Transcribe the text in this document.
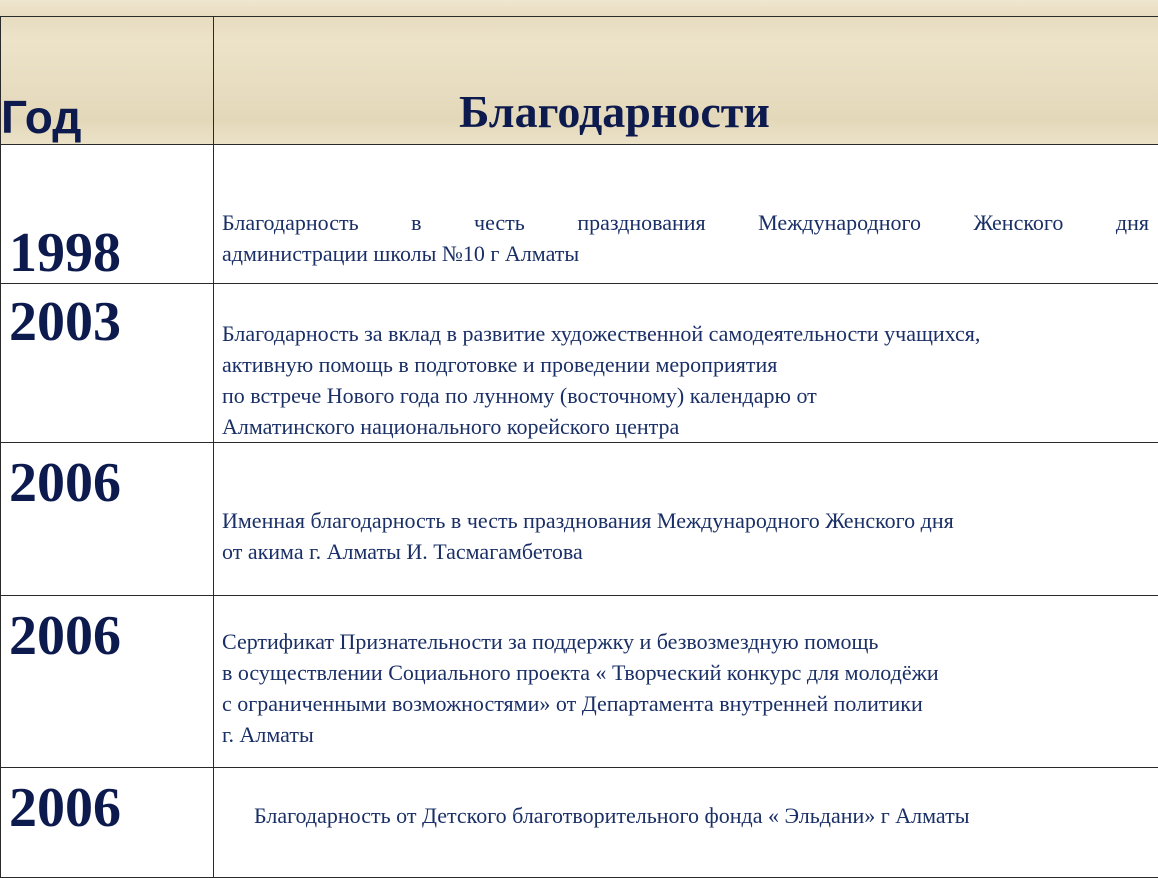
Год	Благодарности
1998	Благодарность в честь празднования Международного Женского дня
администрации школы №10 г Алматы

2003	Благодарность за вклад в развитие художественной самодеятельности учащихся,
активную помощь в подготовке и проведении мероприятия
по встрече Нового года по лунному (восточному) календарю от
Алматинского национального корейского центра

2006	Именная благодарность в честь празднования Международного Женского дня
от акима г. Алматы И. Тасмагамбетова

2006	Сертификат Признательности за поддержку и безвозмездную помощь
в осуществлении Социального проекта « Творческий конкурс для молодёжи
с ограниченными возможностями» от Департамента внутренней политики
г. Алматы

2006	Благодарность от Детского благотворительного фонда « Эльдани» г Алматы
